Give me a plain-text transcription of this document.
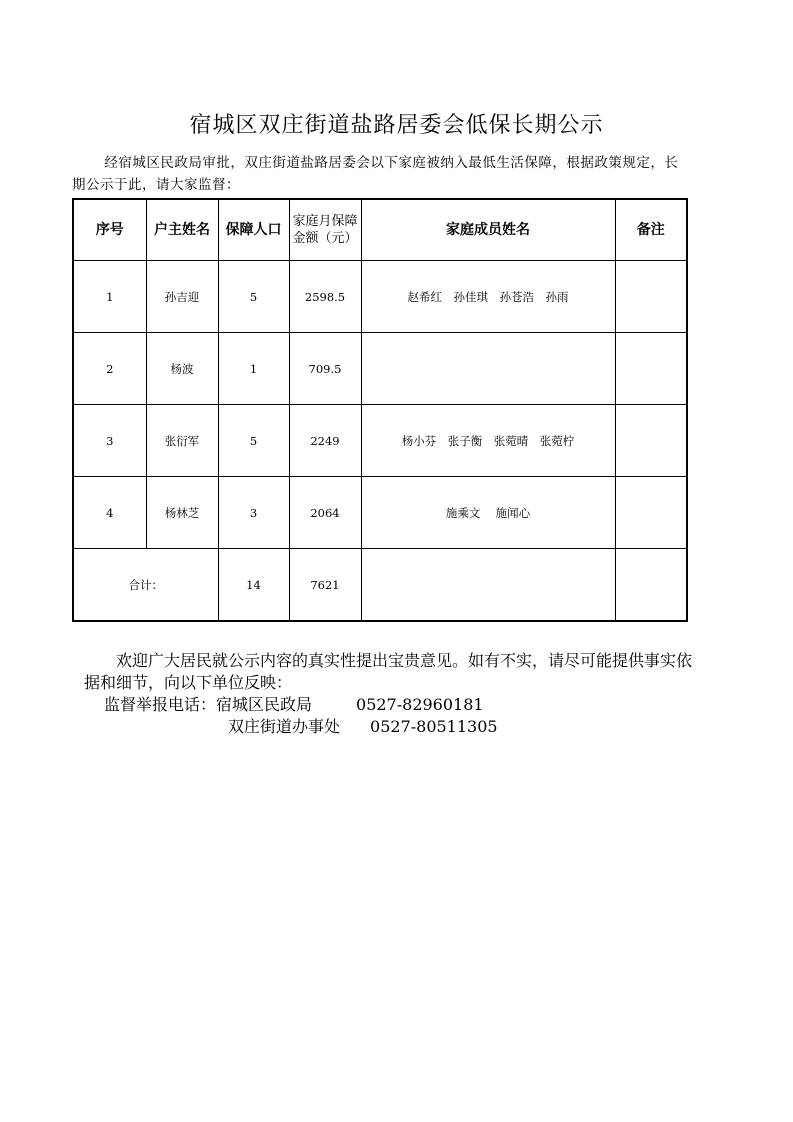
宿城区双庄街道盐路居委会低保长期公示
经宿城区民政局审批，双庄街道盐路居委会以下家庭被纳入最低生活保障，根据政策规定，长期公示于此，请大家监督：
序号	户主姓名	保障人口	家庭月保障金额（元）	家庭成员姓名	备注
1	孙吉迎	5	2598.5	赵希红　孙佳琪　孙苍浩　孙雨	
2	杨波	1	709.5		
3	张衍军	5	2249	杨小芬　张子衡　张菀晴　张菀柠	
4	杨林芝	3	2064	施乘文　 施闻心	
合计：		14	7621		

欢迎广大居民就公示内容的真实性提出宝贵意见。如有不实，请尽可能提供事实依据和细节，向以下单位反映：

监督举报电话：宿城区民政局	0527-82960181

双庄街道办事处 0527-80511305
